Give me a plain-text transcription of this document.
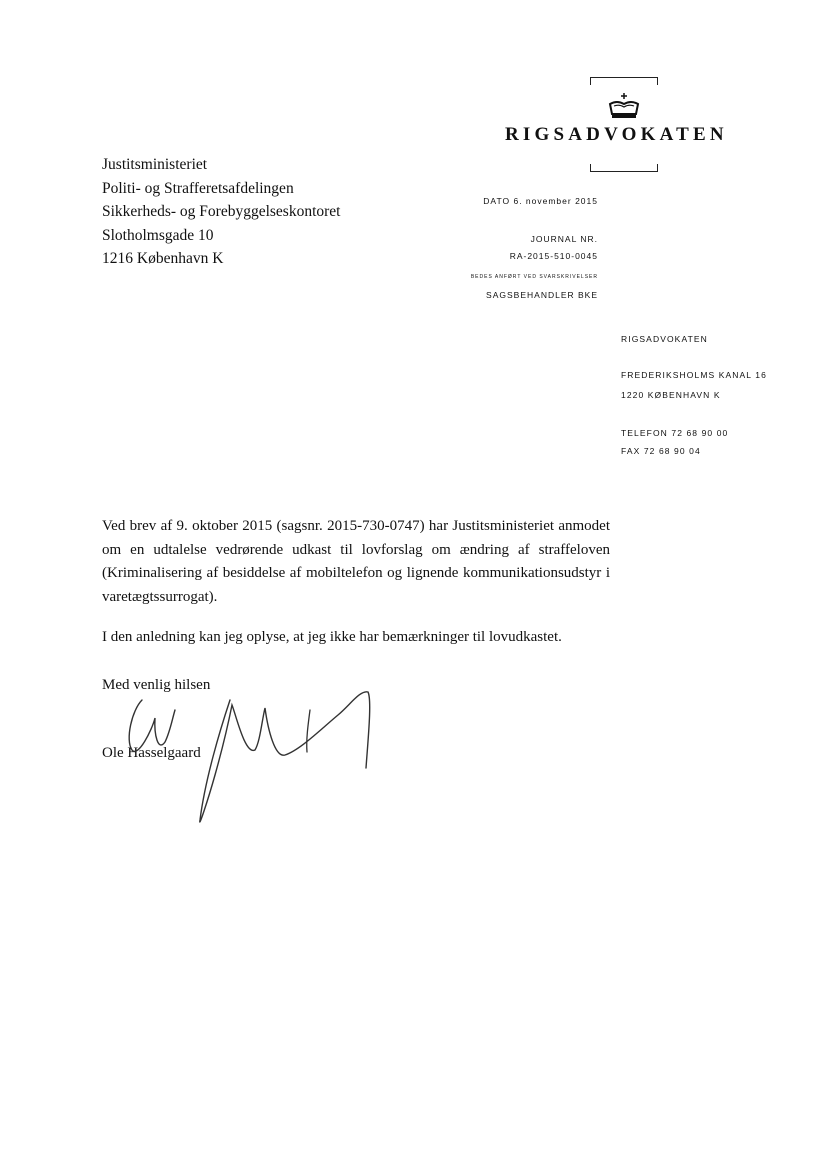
RIGSADVOKATEN
Justitsministeriet
Politi- og Strafferetsafdelingen
Sikkerheds- og Forebyggelseskontoret
Slotholmsgade 10
1216 København K
DATO 6. november 2015
JOURNAL NR.
RA-2015-510-0045
BEDES ANFØRT VED SVARSKRIVELSER
SAGSBEHANDLER BKE
RIGSADVOKATEN
FREDERIKSHOLMS KANAL 16
1220 KØBENHAVN K
TELEFON 72 68 90 00
FAX 72 68 90 04
Ved brev af 9. oktober 2015 (sagsnr. 2015-730-0747) har Justitsministeriet anmodet om en udtalelse vedrørende udkast til lovforslag om ændring af straffeloven (Kriminalisering af besiddelse af mobiltelefon og lignende kommunikationsudstyr i varetægtssurrogat).
I den anledning kan jeg oplyse, at jeg ikke har bemærkninger til lovudkastet.
Med venlig hilsen
Ole Hasselgaard
